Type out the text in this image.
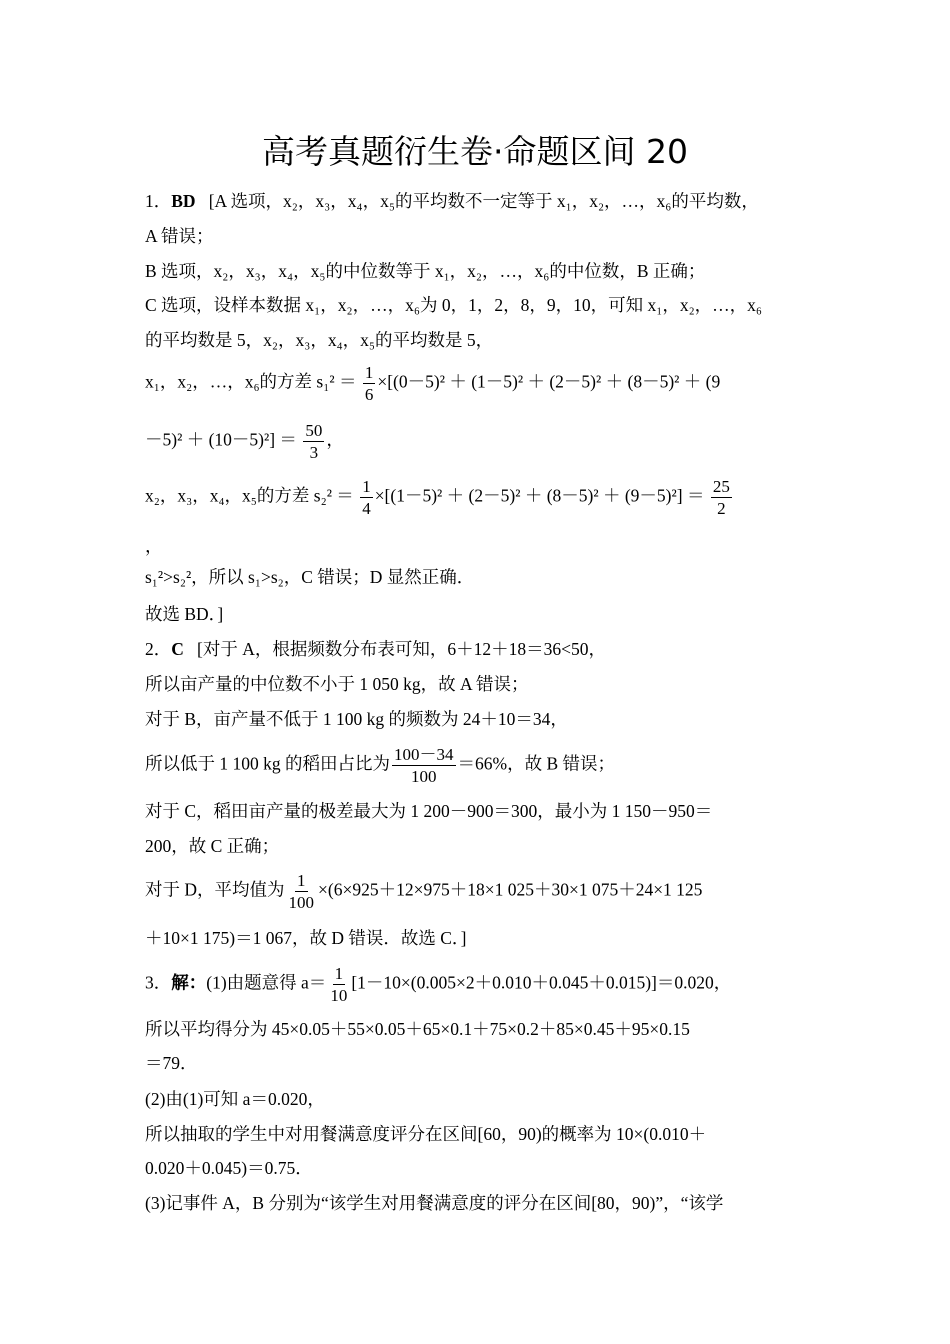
高考真题衍生卷·命题区间 20
1．BD [A 选项，x₂，x₃，x₄，x₅的平均数不一定等于 x₁，x₂，…，x₆的平均数，
A 错误；
B 选项，x₂，x₃，x₄，x₅的中位数等于 x₁，x₂，…，x₆的中位数，B 正确；
C 选项，设样本数据 x₁，x₂，…，x₆为 0，1，2，8，9，10，可知 x₁，x₂，…，x₆
的平均数是 5，x₂，x₃，x₄，x₅的平均数是 5，
x₁，x₂，…，x₆的方差 $s_1^2 = \frac{1}{6} \times[(0-5)^2 + (1-5)^2 + (2-5)^2 + (8-5)^2 + (9$
$-5)^2 + (10-5)^2] = \frac{50}{3}$ ，
x₂，x₃，x₄，x₅的方差 $s_2^2 = \frac{1}{4} \times[(1-5)^2 + (2-5)^2 + (8-5)^2 + (9-5)^2] = \frac{25}{2}$
，
s₁²>s₂²，所以 s₁>s₂，C 错误；D 显然正确．
故选 BD．]
2．C [对于 A，根据频数分布表可知，6＋12＋18＝36<50，
所以亩产量的中位数不小于 1 050 kg，故 A 错误；
对于 B，亩产量不低于 1 100 kg 的频数为 24＋10＝34，
所以低于 1 100 kg 的稻田占比为 $\frac{100-34}{100} =66\%$，故 B 错误；
对于 C，稻田亩产量的极差最大为 1 200－900＝300，最小为 1 150－950＝
200，故 C 正确；
对于 D，平均值为 $\frac{1}{100} \times(6\times 925+12\times 975+18\times 1$ 025＋30×1 075＋24×1 125
＋10×1 175)＝1 067，故 D 错误．故选 C．]
3．解：(1)由题意得 $a= \frac{1}{10} [1-10\times(0.005\times 2+0.010+0.045+0.015)]=0.020$，
所以平均得分为 45×0.05＋55×0.05＋65×0.1＋75×0.2＋85×0.45＋95×0.15
＝79．
(2)由(1)可知 a＝0.020，
所以抽取的学生中对用餐满意度评分在区间[60，90)的概率为 10×(0.010＋
0.020＋0.045)＝0.75．
(3)记事件 A，B 分别为“该学生对用餐满意度的评分在区间[80，90)”，“该学
